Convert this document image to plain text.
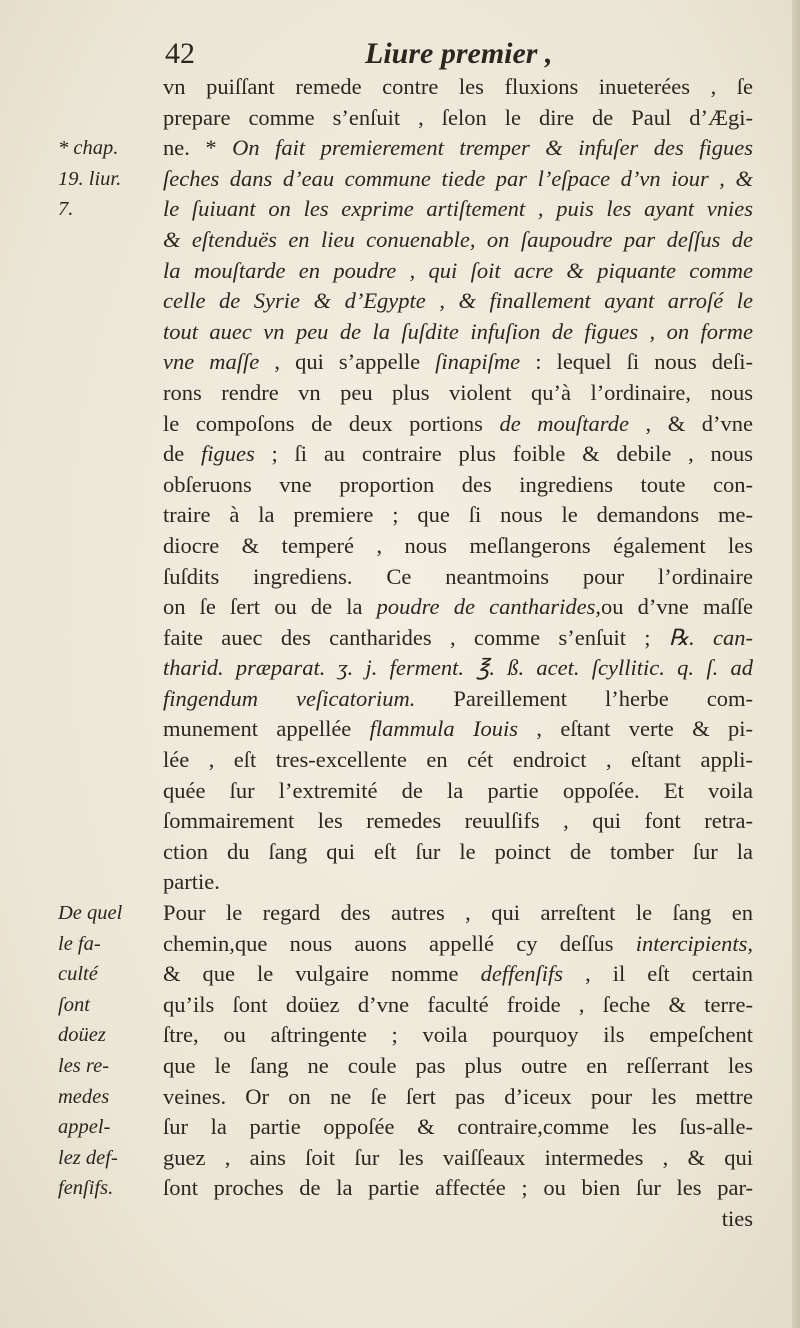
42	Liure premier ,
* chap.
19. liur.
7.
De quel
le fa-
culté
ſont
doüez
les re-
medes
appel-
lez def-
fenſifs.
vn puiſſant remede contre les fluxions inueterées , ſe
prepare comme s’enſuit , ſelon le dire de Paul d’Ægi-
ne. * On fait premierement tremper & infuſer des figues
ſeches dans d’eau commune tiede par l’eſpace d’vn iour , &
le ſuiuant on les exprime artiſtement , puis les ayant vnies
& eſtenduës en lieu conuenable, on ſaupoudre par deſſus de
la mouſtarde en poudre , qui ſoit acre & piquante comme
celle de Syrie & d’Egypte , & finallement ayant arroſé le
tout auec vn peu de la ſuſdite infuſion de figues , on forme
vne maſſe , qui s’appelle ſinapiſme : lequel ſi nous deſi-
rons rendre vn peu plus violent qu’à l’ordinaire, nous
le compoſons de deux portions de mouſtarde , & d’vne
de figues ; ſi au contraire plus foible & debile , nous
obſeruons vne proportion des ingrediens toute con-
traire à la premiere ; que ſi nous le demandons me-
diocre & temperé , nous meſlangerons également les
ſuſdits ingrediens. Ce neantmoins pour l’ordinaire
on ſe ſert ou de la poudre de cantharides,ou d’vne maſſe
faite auec des cantharides , comme s’enſuit ; ℞. can-
tharid. præparat. ʒ. j. ferment. ℥. ß. acet. ſcyllitic. q. ſ. ad
fingendum veſicatorium. Pareillement l’herbe com-
munement appellée flammula Iouis , eſtant verte & pi-
lée , eſt tres-excellente en cét endroict , eſtant appli-
quée ſur l’extremité de la partie oppoſée. Et voila
ſommairement les remedes reuulſifs , qui font retra-
ction du ſang qui eſt ſur le poinct de tomber ſur la
partie.
Pour le regard des autres , qui arreſtent le ſang en
chemin,que nous auons appellé cy deſſus intercipients,
& que le vulgaire nomme deffenſifs , il eſt certain
qu’ils ſont doüez d’vne faculté froide , ſeche & terre-
ſtre, ou aſtringente ; voila pourquoy ils empeſchent
que le ſang ne coule pas plus outre en reſſerrant les
veines. Or on ne ſe ſert pas d’iceux pour les mettre
ſur la partie oppoſée & contraire,comme les ſus-alle-
guez , ains ſoit ſur les vaiſſeaux intermedes , & qui
ſont proches de la partie affectée ; ou bien ſur les par-
ties
